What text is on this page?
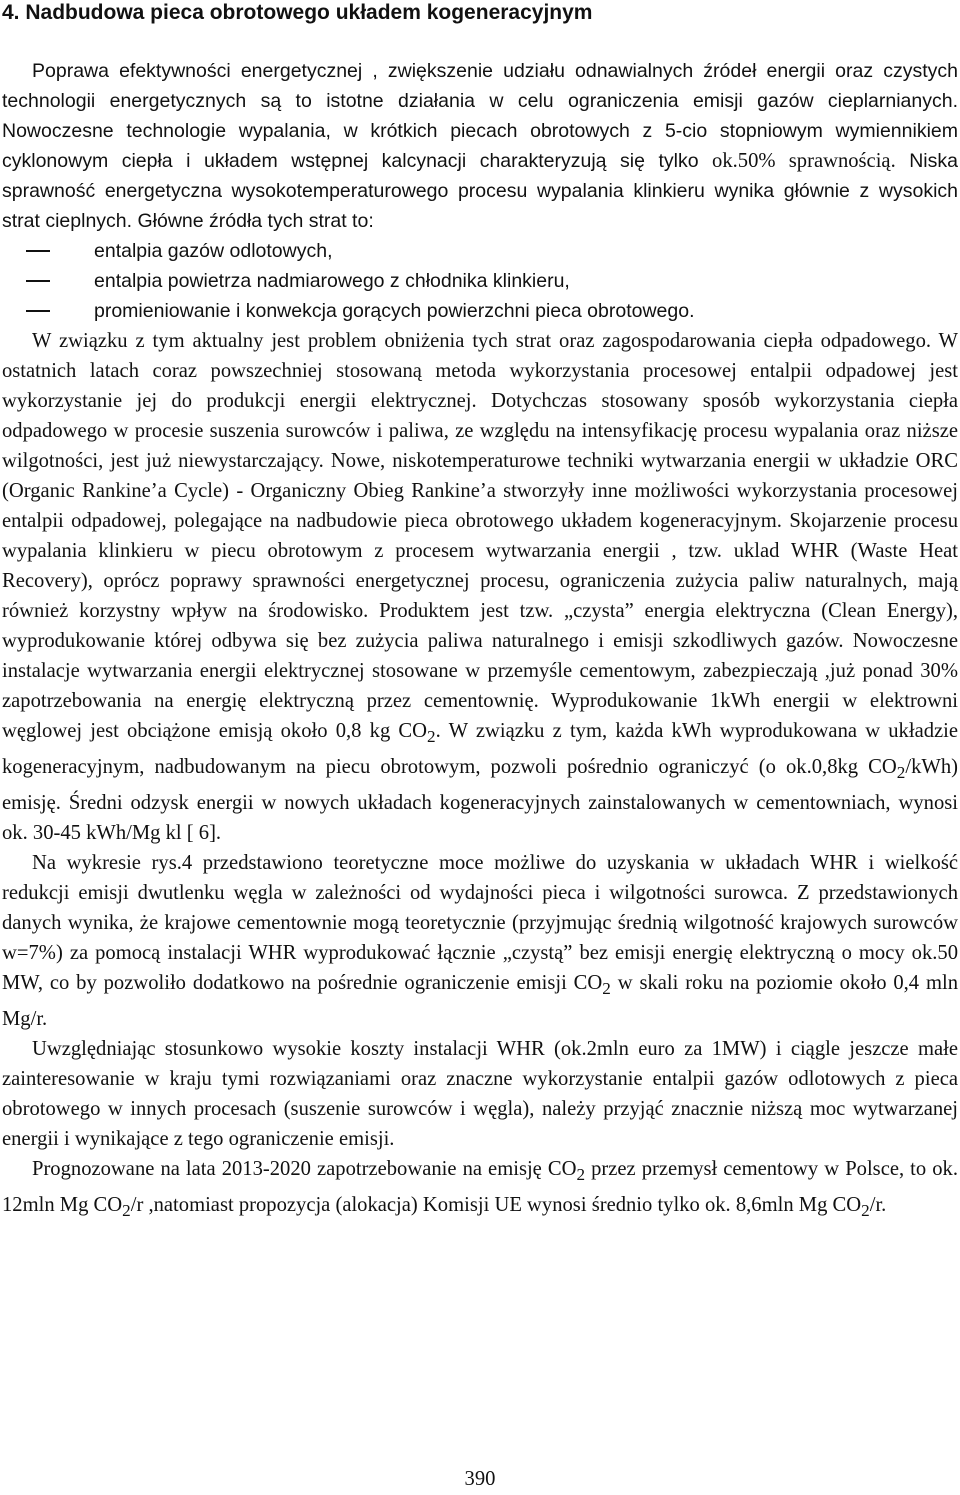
4. Nadbudowa pieca obrotowego układem kogeneracyjnym

Poprawa efektywności energetycznej , zwiększenie udziału odnawialnych źródeł energii oraz czystych technologii energetycznych są to istotne działania w celu ograniczenia emisji gazów cieplarnianych. Nowoczesne technologie wypalania, w krótkich piecach obrotowych z 5-cio stopniowym wymiennikiem cyklonowym ciepła i układem wstępnej kalcynacji charakteryzują się tylko ok.50% sprawnością. Niska sprawność energetyczna wysokotemperaturowego procesu wypalania klinkieru wynika głównie z wysokich strat cieplnych. Główne źródła tych strat to:

entalpia gazów odlotowych,
entalpia powietrza nadmiarowego z chłodnika klinkieru,
promieniowanie i konwekcja gorących powierzchni pieca obrotowego.

W związku z tym aktualny jest problem obniżenia tych strat oraz zagospodarowania ciepła odpadowego. W ostatnich latach coraz powszechniej stosowaną metoda wykorzystania procesowej entalpii odpadowej jest wykorzystanie jej do produkcji energii elektrycznej. Dotychczas stosowany sposób wykorzystania ciepła odpadowego w procesie suszenia surowców i paliwa, ze względu na intensyfikację procesu wypalania oraz niższe wilgotności, jest już niewystarczający. Nowe, niskotemperaturowe techniki wytwarzania energii w układzie ORC (Organic Rankine’a Cycle) - Organiczny Obieg Rankine’a stworzyły inne możliwości wykorzystania procesowej entalpii odpadowej, polegające na nadbudowie pieca obrotowego układem kogeneracyjnym. Skojarzenie procesu wypalania klinkieru w piecu obrotowym z procesem wytwarzania energii , tzw. uklad WHR (Waste Heat Recovery), oprócz poprawy sprawności energetycznej procesu, ograniczenia zużycia paliw naturalnych, mają również korzystny wpływ na środowisko. Produktem jest tzw. „czysta” energia elektryczna (Clean Energy), wyprodukowanie której odbywa się bez zużycia paliwa naturalnego i emisji szkodliwych gazów. Nowoczesne instalacje wytwarzania energii elektrycznej stosowane w przemyśle cementowym, zabezpieczają ,już ponad 30% zapotrzebowania na energię elektryczną przez cementownię. Wyprodukowanie 1kWh energii w elektrowni węglowej jest obciążone emisją około 0,8 kg $CO_2$. W związku z tym, każda kWh wyprodukowana w układzie kogeneracyjnym, nadbudowanym na piecu obrotowym, pozwoli pośrednio ograniczyć (o ok.0,8kg $CO_2/kWh$) emisję. Średni odzysk energii w nowych układach kogeneracyjnych zainstalowanych w cementowniach, wynosi ok. 30-45 kWh/Mg kl [ 6].

Na wykresie rys.4 przedstawiono teoretyczne moce możliwe do uzyskania w układach WHR i wielkość redukcji emisji dwutlenku węgla w zależności od wydajności pieca i wilgotności surowca. Z przedstawionych danych wynika, że krajowe cementownie mogą teoretycznie (przyjmując średnią wilgotność krajowych surowców w=7%) za pomocą instalacji WHR wyprodukować łącznie „czystą” bez emisji energię elektryczną o mocy ok.50 MW, co by pozwoliło dodatkowo na pośrednie ograniczenie emisji $CO_2$ w skali roku na poziomie około 0,4 mln Mg/r.

Uwzględniając stosunkowo wysokie koszty instalacji WHR (ok.2mln euro za 1MW) i ciągle jeszcze małe zainteresowanie w kraju tymi rozwiązaniami oraz znaczne wykorzystanie entalpii gazów odlotowych z pieca obrotowego w innych procesach (suszenie surowców i węgla), należy przyjąć znacznie niższą moc wytwarzanej energii i wynikające z tego ograniczenie emisji.

Prognozowane na lata 2013-2020 zapotrzebowanie na emisję $CO_2$ przez przemysł cementowy w Polsce, to ok. 12mln Mg $CO_2/r$ ,natomiast propozycja (alokacja) Komisji UE wynosi średnio tylko ok. 8,6mln Mg $CO_2/r$.

390
